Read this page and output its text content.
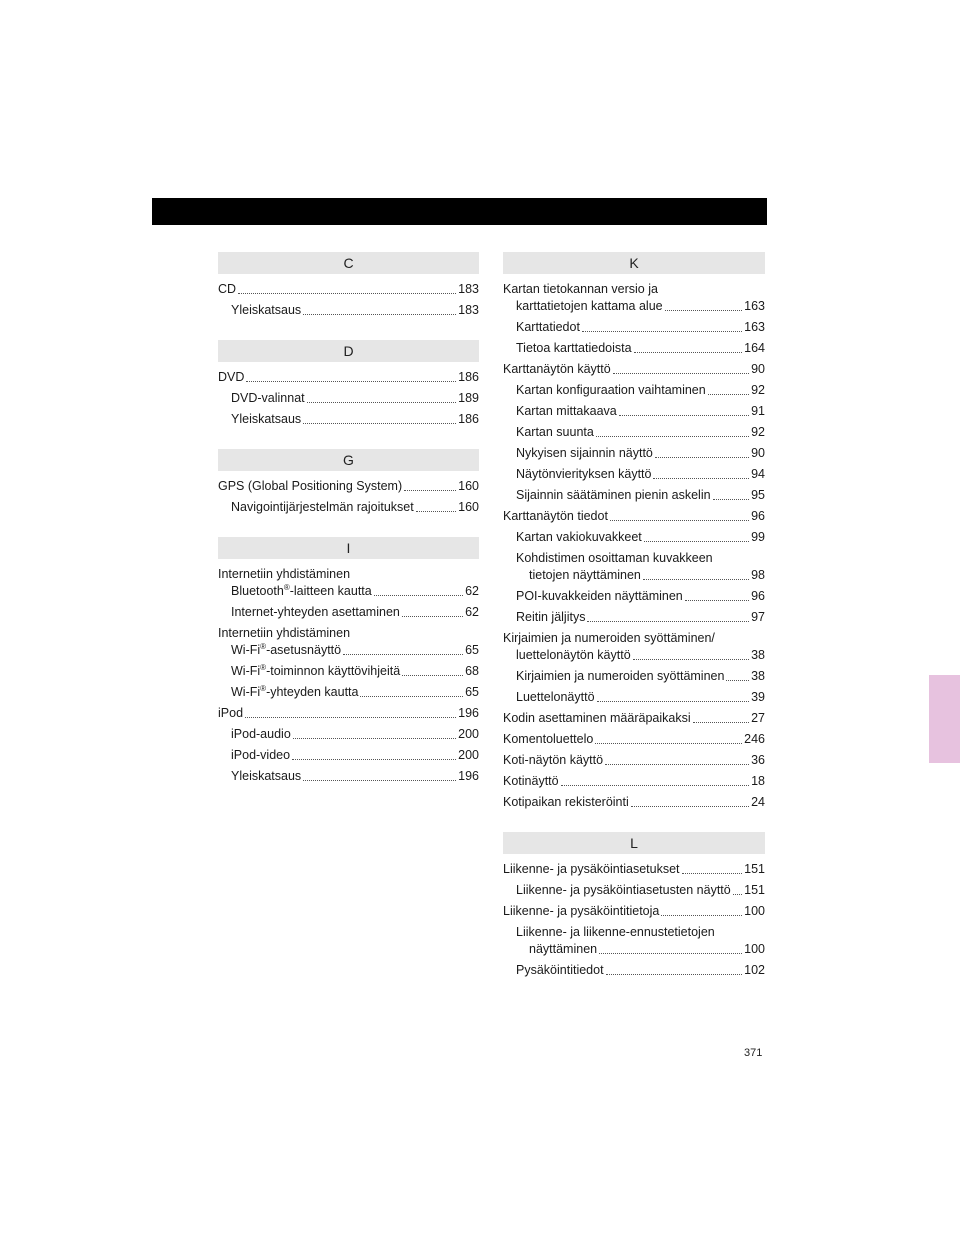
C
CD	183
Yleiskatsaus	183
D
DVD	186
DVD-valinnat	189
Yleiskatsaus	186
G
GPS (Global Positioning System)	160
Navigointijärjestelmän rajoitukset	160
I
Internetiin yhdistäminen
Bluetooth®-laitteen kautta	62
Internet-yhteyden asettaminen	62
Internetiin yhdistäminen
Wi-Fi®-asetusnäyttö	65
Wi-Fi®-toiminnon käyttövihjeitä	68
Wi-Fi®-yhteyden kautta	65
iPod	196
iPod-audio	200
iPod-video	200
Yleiskatsaus	196
K
Kartan tietokannan versio ja
karttatietojen kattama alue	163
Karttatiedot	163
Tietoa karttatiedoista	164
Karttanäytön käyttö	90
Kartan konfiguraation vaihtaminen	92
Kartan mittakaava	91
Kartan suunta	92
Nykyisen sijainnin näyttö	90
Näytönvierityksen käyttö	94
Sijainnin säätäminen pienin askelin	95
Karttanäytön tiedot	96
Kartan vakiokuvakkeet	99
Kohdistimen osoittaman kuvakkeen
tietojen näyttäminen	98
POI-kuvakkeiden näyttäminen	96
Reitin jäljitys	97
Kirjaimien ja numeroiden syöttäminen/
luettelonäytön käyttö	38
Kirjaimien ja numeroiden syöttäminen 38
Luettelonäyttö	39
Kodin asettaminen määräpaikaksi	27
Komentoluettelo	246
Koti-näytön käyttö	36
Kotinäyttö	18
Kotipaikan rekisteröinti	24
L
Liikenne- ja pysäköintiasetukset	151
Liikenne- ja pysäköintiasetusten näyttö 151
Liikenne- ja pysäköintitietoja	100
Liikenne- ja liikenne-ennustetietojen
näyttäminen	100
Pysäköintitiedot	102
371
